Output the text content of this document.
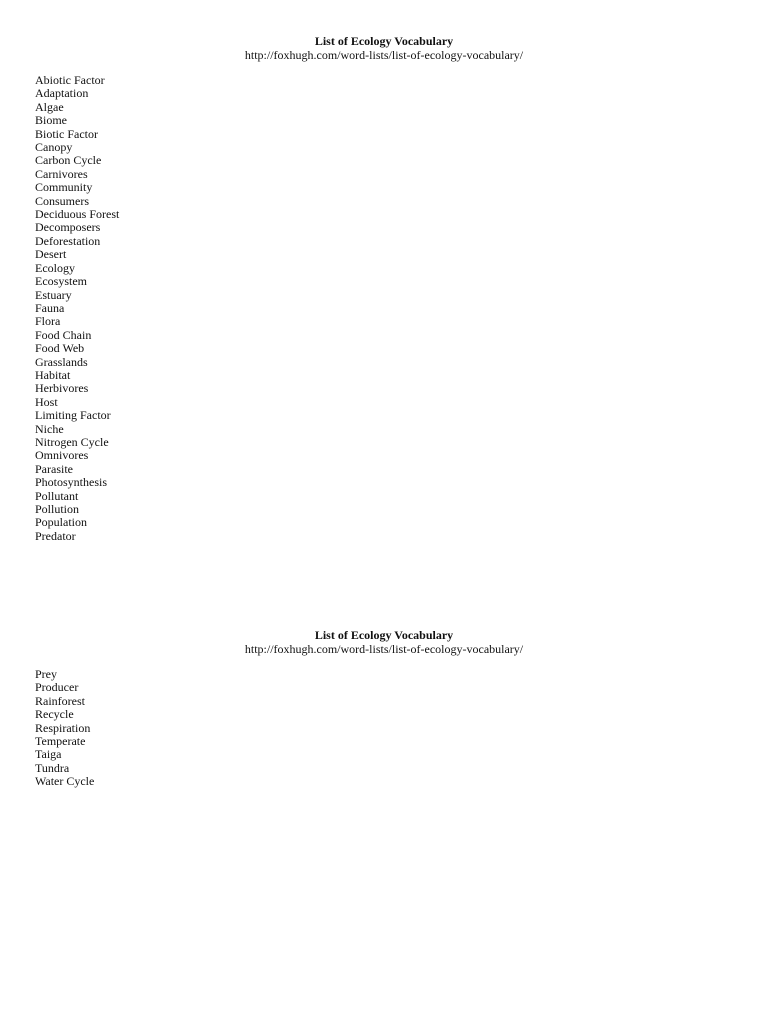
List of Ecology Vocabulary
http://foxhugh.com/word-lists/list-of-ecology-vocabulary/
Abiotic Factor
Adaptation
Algae
Biome
Biotic Factor
Canopy
Carbon Cycle
Carnivores
Community
Consumers
Deciduous Forest
Decomposers
Deforestation
Desert
Ecology
Ecosystem
Estuary
Fauna
Flora
Food Chain
Food Web
Grasslands
Habitat
Herbivores
Host
Limiting Factor
Niche
Nitrogen Cycle
Omnivores
Parasite
Photosynthesis
Pollutant
Pollution
Population
Predator
List of Ecology Vocabulary
http://foxhugh.com/word-lists/list-of-ecology-vocabulary/
Prey
Producer
Rainforest
Recycle
Respiration
Temperate
Taiga
Tundra
Water Cycle
